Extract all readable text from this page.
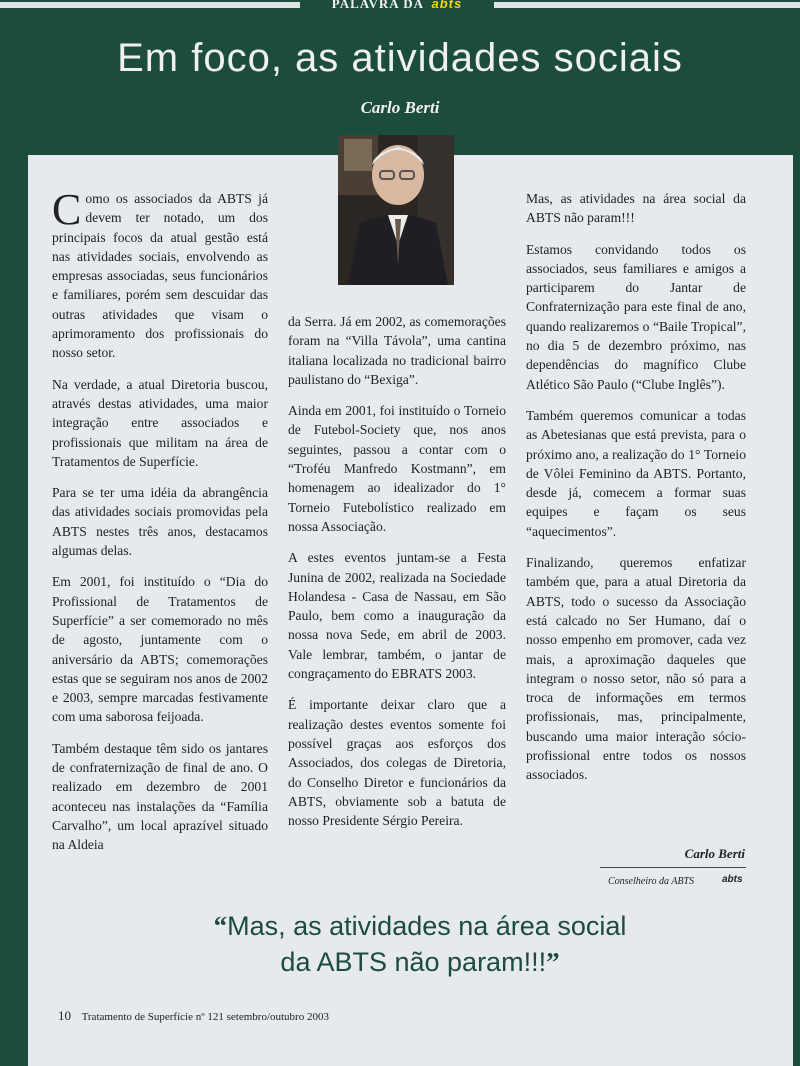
PALAVRA DA abts
Em foco, as atividades sociais
Carlo Berti

Como os associados da ABTS já devem ter notado, um dos principais focos da atual gestão está nas atividades sociais, envolvendo as empresas associadas, seus funcionários e familiares, porém sem descuidar das outras atividades que visam o aprimoramento dos profissionais do nosso setor.

Na verdade, a atual Diretoria buscou, através destas atividades, uma maior integração entre associados e profissionais que militam na área de Tratamentos de Superfície.

Para se ter uma idéia da abrangência das atividades sociais promovidas pela ABTS nestes três anos, destacamos algumas delas.

Em 2001, foi instituído o “Dia do Profissional de Tratamentos de Superfície” a ser comemorado no mês de agosto, juntamente com o aniversário da ABTS; comemorações estas que se seguiram nos anos de 2002 e 2003, sempre marcadas festivamente com uma saborosa feijoada.

Também destaque têm sido os jantares de confraternização de final de ano. O realizado em dezembro de 2001 aconteceu nas instalações da “Família Carvalho”, um local aprazível situado na Aldeia

da Serra. Já em 2002, as comemorações foram na “Villa Távola”, uma cantina italiana localizada no tradicional bairro paulistano do “Bexiga”.

Ainda em 2001, foi instituído o Torneio de Futebol-Society que, nos anos seguintes, passou a contar com o “Troféu Manfredo Kostmann”, em homenagem ao idealizador do 1° Torneio Futebolístico realizado em nossa Associação.

A estes eventos juntam-se a Festa Junina de 2002, realizada na Sociedade Holandesa - Casa de Nassau, em São Paulo, bem como a inauguração da nossa nova Sede, em abril de 2003. Vale lembrar, também, o jantar de congraçamento do EBRATS 2003.

É importante deixar claro que a realização destes eventos somente foi possível graças aos esforços dos Associados, dos colegas de Diretoria, do Conselho Diretor e funcionários da ABTS, obviamente sob a batuta de nosso Presidente Sérgio Pereira.

Mas, as atividades na área social da ABTS não param!!!

Estamos convidando todos os associados, seus familiares e amigos a participarem do Jantar de Confraternização para este final de ano, quando realizaremos o “Baile Tropical”, no dia 5 de dezembro próximo, nas dependências do magnífico Clube Atlético São Paulo (“Clube Inglês”).

Também queremos comunicar a todas as Abetesianas que está prevista, para o próximo ano, a realização do 1° Torneio de Vôlei Feminino da ABTS. Portanto, desde já, comecem a formar suas equipes e façam os seus “aquecimentos”.

Finalizando, queremos enfatizar também que, para a atual Diretoria da ABTS, todo o sucesso da Associação está calcado no Ser Humano, daí o nosso empenho em promover, cada vez mais, a aproximação daqueles que integram o nosso setor, não só para a troca de informações em termos profissionais, mas, principalmente, buscando uma maior interação sócio-profissional entre todos os nossos associados.

Carlo Berti
Conselheiro da ABTS	abts
“Mas, as atividades na área social
da ABTS não param!!!”
10 Tratamento de Superfície nº 121 setembro/outubro 2003
